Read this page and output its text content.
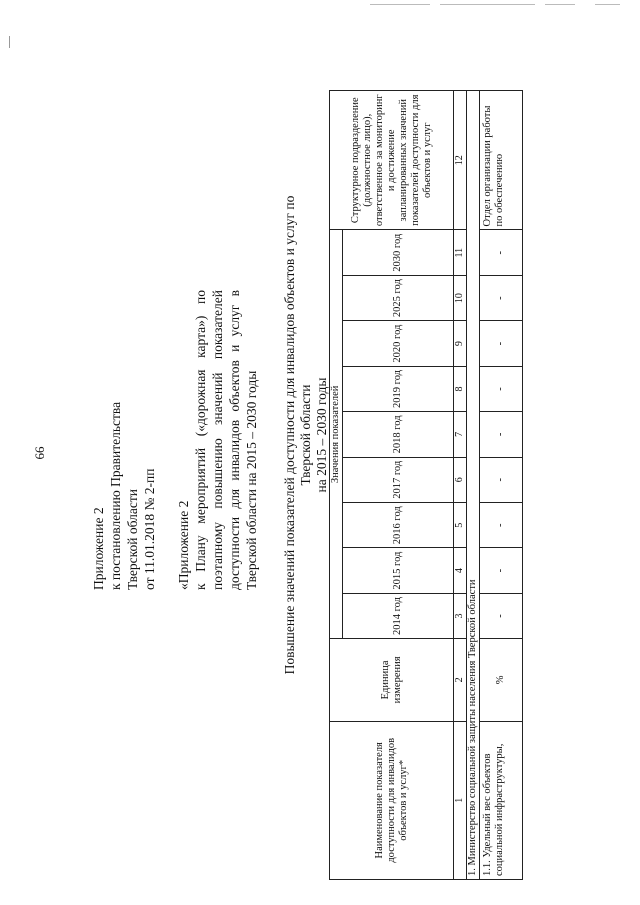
66

Приложение 2 к постановлению Правительства Тверской области от 11.01.2018 № 2-пп «Приложение 2 к Плану мероприятий («дорожная карта») по поэтапному повышению значений показателей доступности для инвалидов объектов и услуг в Тверской области на 2015 – 2030 годы Повышение значений показателей доступности для инвалидов объектов и услуг по Тверской области на 2015 – 2030 годы
Наименование показателя доступности для инвалидов объектов и услуг*	Единица измерения	Значения показателей									Структурное подразделение (должностное лицо), ответственное за мониторинг и достижение запланированных значений показателей доступности для объектов и услуг
		2014 год	2015 год	2016 год	2017 год	2018 год	2019 год	2020 год	2025 год	2030 год	
1	2	3	4	5	6	7	8	9	10	11	12
1. Министерство социальной защиты населения Тверской области											
1.1. Удельный вес объектов социальной инфраструктуры,	%	-	-	-	-	-	-	-	-	-	Отдел организации работы по обеспечению
